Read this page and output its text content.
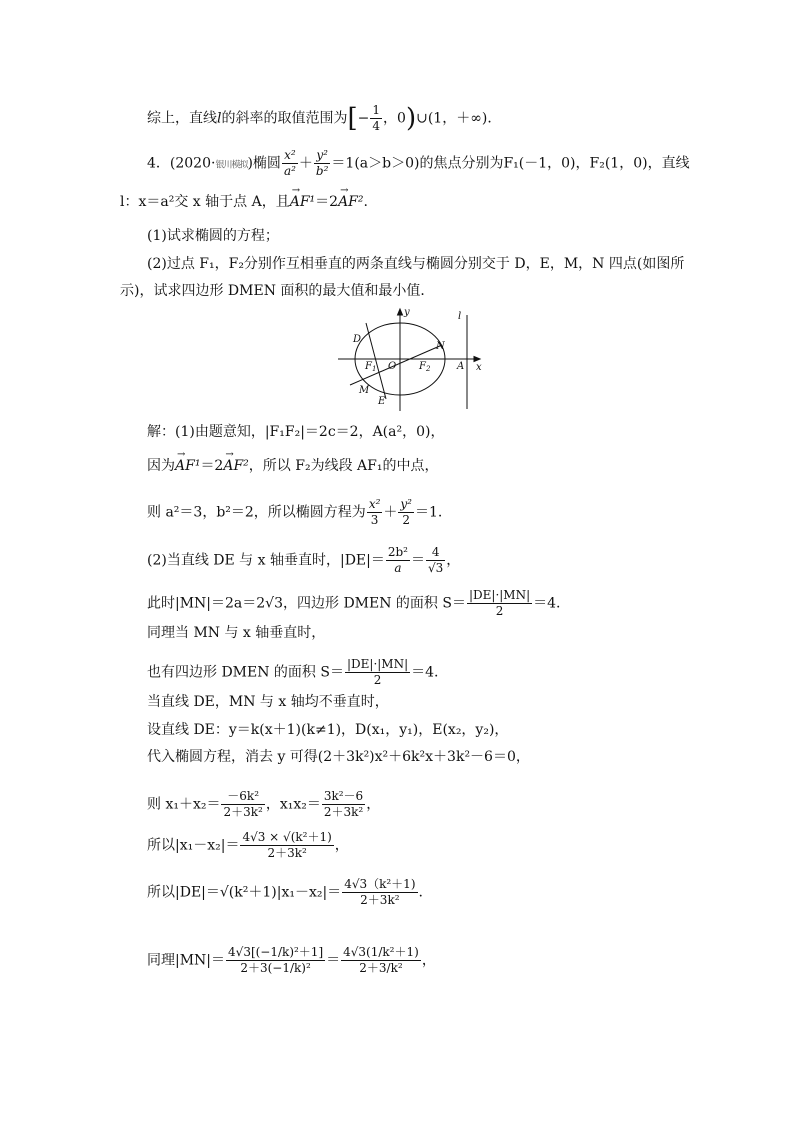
综上，直线l的斜率的取值范围为[− $\frac{1}{4}$ ，0)∪(1，＋∞)．
4．(2020·银川模拟)椭圆 $\frac{\text{x²}}{\text{a²}} + \frac{\text{y²}}{\text{b²}} =1(a>b>0)$的焦点分别为F₁(－1，0)，F₂(1，0)，直线
l：x＝a²交 x 轴于点 A，且→ AF¹＝2→ AF².
(1)试求椭圆的方程；
(2)过点 F₁，F₂分别作互相垂直的两条直线与椭圆分别交于 D，E，M，N 四点(如图所
示)，试求四边形 DMEN 面积的最大值和最小值．
y
x
l
D
N
$F_1$ O $F_2$	A
M
E
解：(1)由题意知，|F₁F₂|＝2c＝2，A(a²，0)，
因为→ AF¹＝2→ AF²，所以 F₂为线段 AF₁的中点，
则 a²＝3，b²＝2，所以椭圆方程为 $\frac{\text{x²}}{3} + \frac{\text{y²}}{2} =1$.
(2)当直线 DE 与 x 轴垂直时，$|DE|= \frac{\text{2b²}}{a} = \frac{4}{√3}$ ，
此时|MN|＝2a＝2√3，四边形 DMEN 的面积 $S= \frac{|DE|\cdot|MN|}{2} =4$.
同理当 MN 与 x 轴垂直时，
也有四边形 DMEN 的面积 $S= \frac{|DE|\cdot|MN|}{2} =4$.
当直线 DE，MN 与 x 轴均不垂直时，
设直线 DE：y＝k(x＋1)(k≠1)，D(x₁，y₁)，E(x₂，y₂)，
代入椭圆方程，消去 y 可得(2＋3k²)x²＋6k²x＋3k²－6＝0，
则 $x_1+x_2= \frac{\text{－6k²}}{\text{2＋3k²}}$ ，$x_1x_2= \frac{\text{3k²－6}}{\text{2＋3k²}}$ ，
所以$|x_1-x_2|= \frac{\text{4√3 × √(k²＋1)}}{\text{2＋3k²}}$ ，
所以$|DE|=√(k^2+1)|x_1-x_2|= \frac{\text{4√3（k²＋1)}}{\text{2＋3k²}}$ .
同理$|MN|= \frac{\text{4√3[(−1/k)²＋1]}}{\text{2＋3(−1/k)²}} = \frac{\text{4√3(1/k²＋1)}}{\text{2＋3/k²}}$ ，
